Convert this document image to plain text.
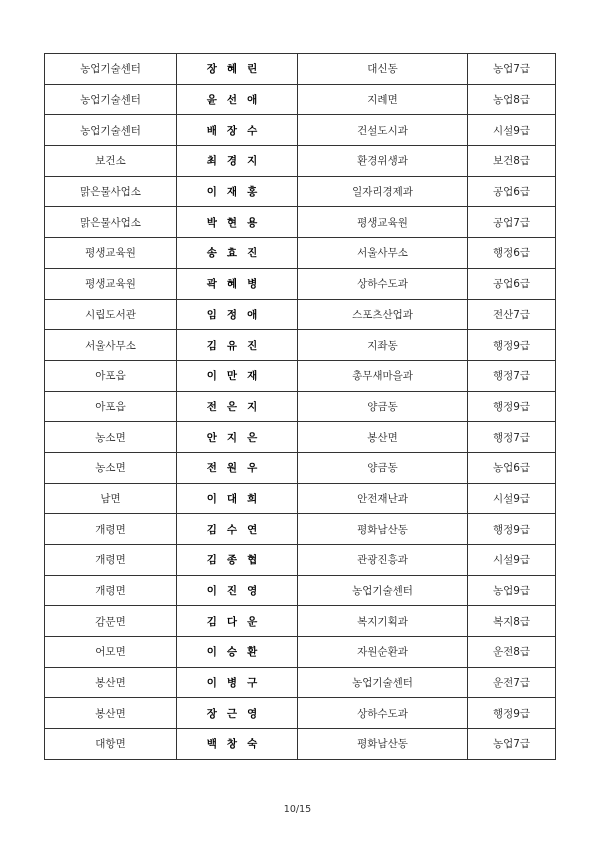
농업기술센터	장혜린	대신동	농업7급
농업기술센터	윤선애	지례면	농업8급
농업기술센터	배장수	건설도시과	시설9급
보건소	최경지	환경위생과	보건8급
맑은물사업소	이재홍	일자리경제과	공업6급
맑은물사업소	박현용	평생교육원	공업7급
평생교육원	송효진	서울사무소	행정6급
평생교육원	곽혜병	상하수도과	공업6급
시립도서관	임정애	스포츠산업과	전산7급
서울사무소	김유진	지좌동	행정9급
아포읍	이만재	총무새마을과	행정7급
아포읍	전은지	양금동	행정9급
농소면	안지은	봉산면	행정7급
농소면	전원우	양금동	농업6급
남면	이대희	안전재난과	시설9급
개령면	김수연	평화남산동	행정9급
개령면	김종협	관광진흥과	시설9급
개령면	이진영	농업기술센터	농업9급
감문면	김다운	복지기획과	복지8급
어모면	이승환	자원순환과	운전8급
봉산면	이병구	농업기술센터	운전7급
봉산면	장근영	상하수도과	행정9급
대항면	백창숙	평화남산동	농업7급
10/15
